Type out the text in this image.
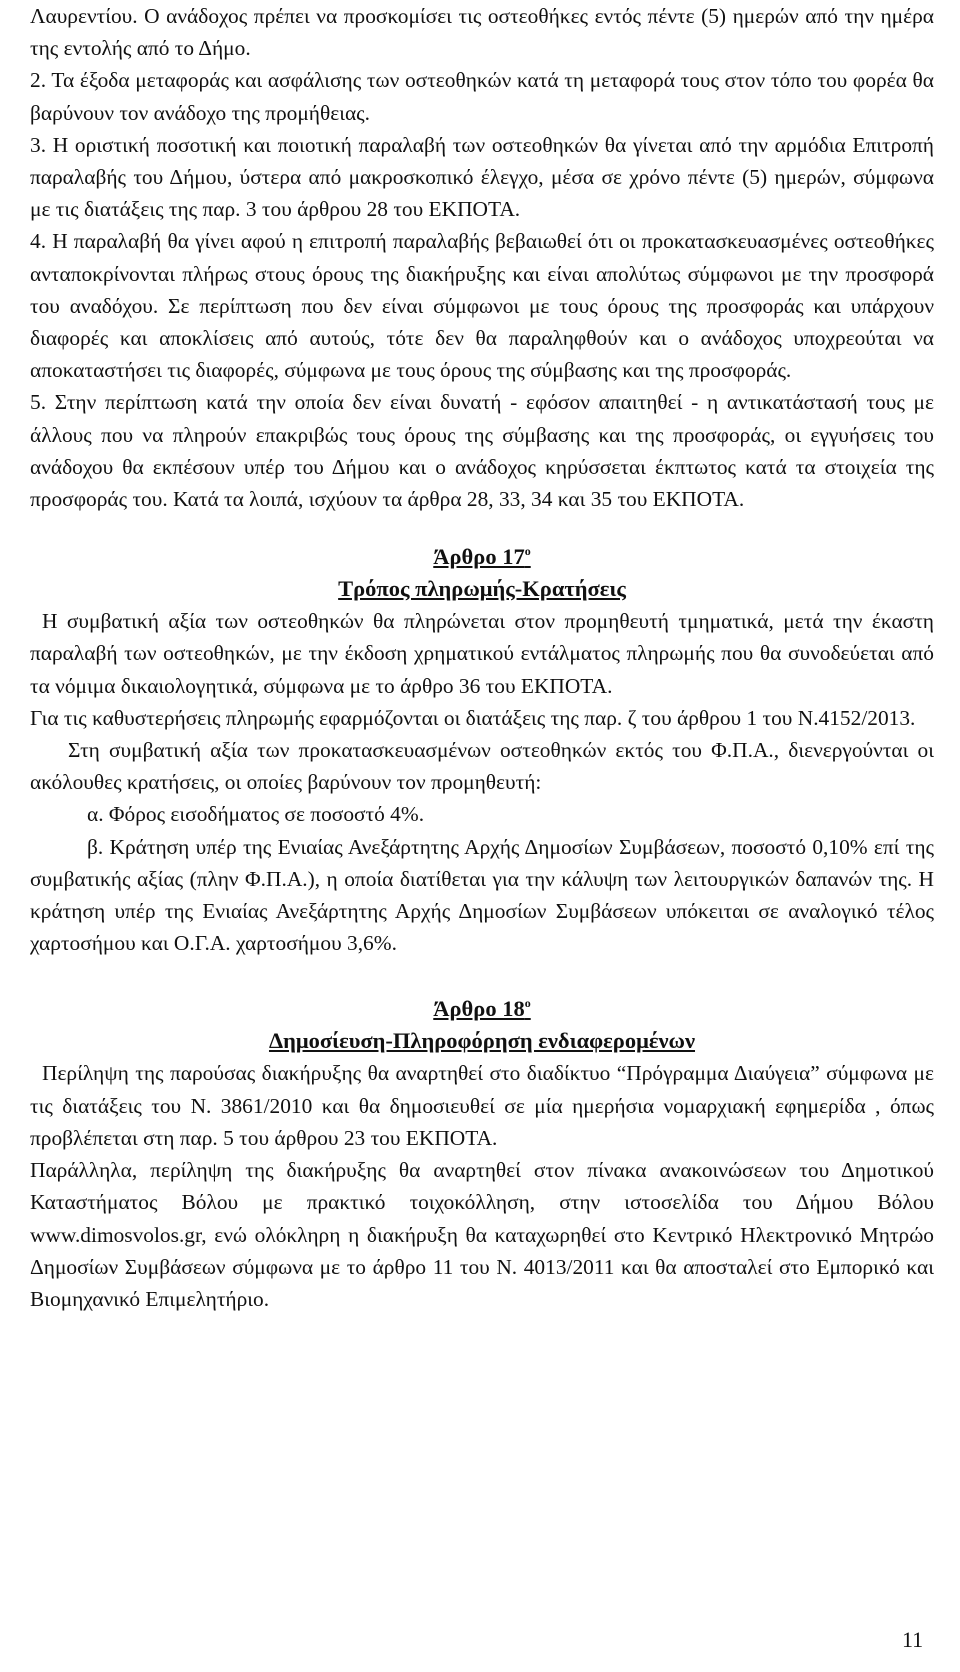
Λαυρεντίου. Ο ανάδοχος πρέπει να προσκομίσει τις οστεοθήκες εντός πέντε (5) ημερών από την ημέρα της εντολής από το Δήμο.

2. Τα έξοδα μεταφοράς και ασφάλισης των οστεοθηκών κατά τη μεταφορά τους στον τόπο του φορέα θα βαρύνουν τον ανάδοχο της προμήθειας.

3. Η οριστική ποσοτική και ποιοτική παραλαβή των οστεοθηκών θα γίνεται από την αρμόδια Επιτροπή παραλαβής του Δήμου, ύστερα από μακροσκοπικό έλεγχο, μέσα σε χρόνο πέντε (5) ημερών, σύμφωνα με τις διατάξεις της παρ. 3 του άρθρου 28 του ΕΚΠΟΤΑ.

4. Η παραλαβή θα γίνει αφού η επιτροπή παραλαβής βεβαιωθεί ότι οι προκατασκευασμένες οστεοθήκες ανταποκρίνονται πλήρως στους όρους της διακήρυξης και είναι απολύτως σύμφωνοι με την προσφορά του αναδόχου. Σε περίπτωση που δεν είναι σύμφωνοι με τους όρους της προσφοράς και υπάρχουν διαφορές και αποκλίσεις από αυτούς, τότε δεν θα παραληφθούν και ο ανάδοχος υποχρεούται να αποκαταστήσει τις διαφορές, σύμφωνα με τους όρους της σύμβασης και της προσφοράς.

5. Στην περίπτωση κατά την οποία δεν είναι δυνατή - εφόσον απαιτηθεί - η αντικατάστασή τους με άλλους που να πληρούν επακριβώς τους όρους της σύμβασης και της προσφοράς, οι εγγυήσεις του ανάδοχου θα εκπέσουν υπέρ του Δήμου και ο ανάδοχος κηρύσσεται έκπτωτος κατά τα στοιχεία της προσφοράς του. Κατά τα λοιπά, ισχύουν τα άρθρα 28, 33, 34 και 35 του ΕΚΠΟΤΑ.

Άρθρο $17^o$
Τρόπος πληρωμής-Κρατήσεις

Η συμβατική αξία των οστεοθηκών θα πληρώνεται στον προμηθευτή τμηματικά, μετά την έκαστη παραλαβή των οστεοθηκών, με την έκδοση χρηματικού εντάλματος πληρωμής που θα συνοδεύεται από τα νόμιμα δικαιολογητικά, σύμφωνα με το άρθρο 36 του ΕΚΠΟΤΑ.

Για τις καθυστερήσεις πληρωμής εφαρμόζονται οι διατάξεις της παρ. ζ του άρθρου 1 του Ν.4152/2013.

Στη συμβατική αξία των προκατασκευασμένων οστεοθηκών εκτός του Φ.Π.Α., διενεργούνται οι ακόλουθες κρατήσεις, οι οποίες βαρύνουν τον προμηθευτή:

α. Φόρος εισοδήματος σε ποσοστό 4%.

β. Κράτηση υπέρ της Ενιαίας Ανεξάρτητης Αρχής Δημοσίων Συμβάσεων, ποσοστό 0,10% επί της συμβατικής αξίας (πλην Φ.Π.Α.), η οποία διατίθεται για την κάλυψη των λειτουργικών δαπανών της. Η κράτηση υπέρ της Ενιαίας Ανεξάρτητης Αρχής Δημοσίων Συμβάσεων υπόκειται σε αναλογικό τέλος χαρτοσήμου και Ο.Γ.Α. χαρτοσήμου 3,6%.

Άρθρο $18^o$
Δημοσίευση-Πληροφόρηση ενδιαφερομένων

Περίληψη της παρούσας διακήρυξης θα αναρτηθεί στο διαδίκτυο “Πρόγραμμα Διαύγεια” σύμφωνα με τις διατάξεις του Ν. 3861/2010 και θα δημοσιευθεί σε μία ημερήσια νομαρχιακή εφημερίδα , όπως προβλέπεται στη παρ. 5 του άρθρου 23 του ΕΚΠΟΤΑ.

Παράλληλα, περίληψη της διακήρυξης θα αναρτηθεί στον πίνακα ανακοινώσεων του Δημοτικού Καταστήματος Βόλου με πρακτικό τοιχοκόλληση, στην ιστοσελίδα του Δήμου Βόλου www.dimosvolos.gr, ενώ ολόκληρη η διακήρυξη θα καταχωρηθεί στο Κεντρικό Ηλεκτρονικό Μητρώο Δημοσίων Συμβάσεων σύμφωνα με το άρθρο 11 του Ν. 4013/2011 και θα αποσταλεί στο Εμπορικό και Βιομηχανικό Επιμελητήριο.

11
